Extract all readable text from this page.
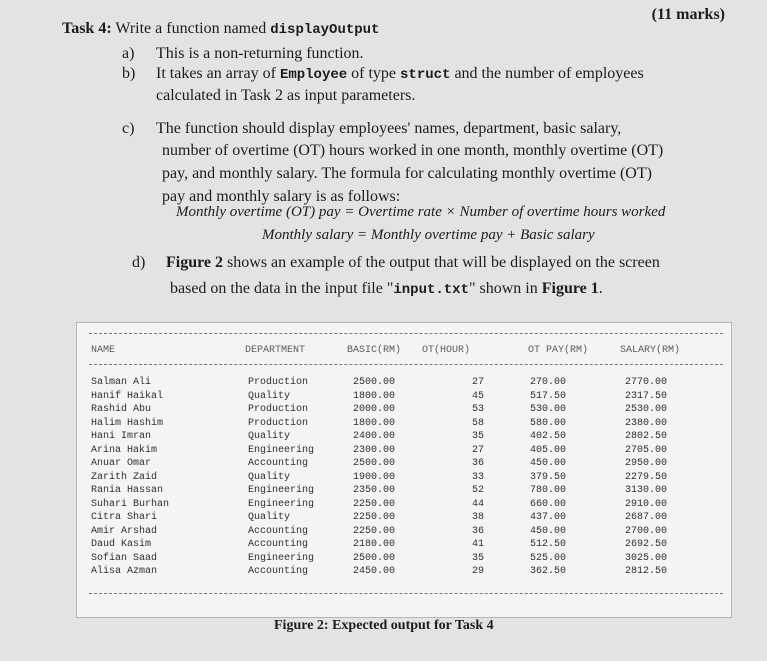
(11 marks)
Task 4: Write a function named displayOutput
a) This is a non-returning function.
b) It takes an array of Employee of type struct and the number of employees
calculated in Task 2 as input parameters.
c) The function should display employees' names, department, basic salary,
number of overtime (OT) hours worked in one month, monthly overtime (OT)
pay, and monthly salary. The formula for calculating monthly overtime (OT)
pay and monthly salary is as follows:
Monthly overtime (OT) pay = Overtime rate × Number of overtime hours worked
Monthly salary = Monthly overtime pay + Basic salary
d) Figure 2 shows an example of the output that will be displayed on the screen
based on the data in the input file "input.txt" shown in Figure 1.
NAME	DEPARTMENT	BASIC(RM) OT(HOUR)	OT PAY(RM)	SALARY(RM)
Salman Ali	Production	2500.00	27	270.00	2770.00
Hanif Haikal	Quality	1800.00	45	517.50	2317.50
Rashid Abu	Production	2000.00	53	530.00	2530.00
Halim Hashim	Production	1800.00	58	580.00	2380.00
Hani Imran	Quality	2400.00	35	402.50	2802.50
Arina Hakim	Engineering	2300.00	27	405.00	2705.00
Anuar Omar	Accounting	2500.00	36	450.00	2950.00
Zarith Zaid	Quality	1900.00	33	379.50	2279.50
Rania Hassan	Engineering	2350.00	52	780.00	3130.00
Suhari Burhan	Engineering	2250.00	44	660.00	2910.00
Citra Shari	Quality	2250.00	38	437.00	2687.00
Amir Arshad	Accounting	2250.00	36	450.00	2700.00
Daud Kasim	Accounting	2180.00	41	512.50	2692.50
Sofian Saad	Engineering	2500.00	35	525.00	3025.00
Alisa Azman	Accounting	2450.00	29	362.50	2812.50
Figure 2: Expected output for Task 4
